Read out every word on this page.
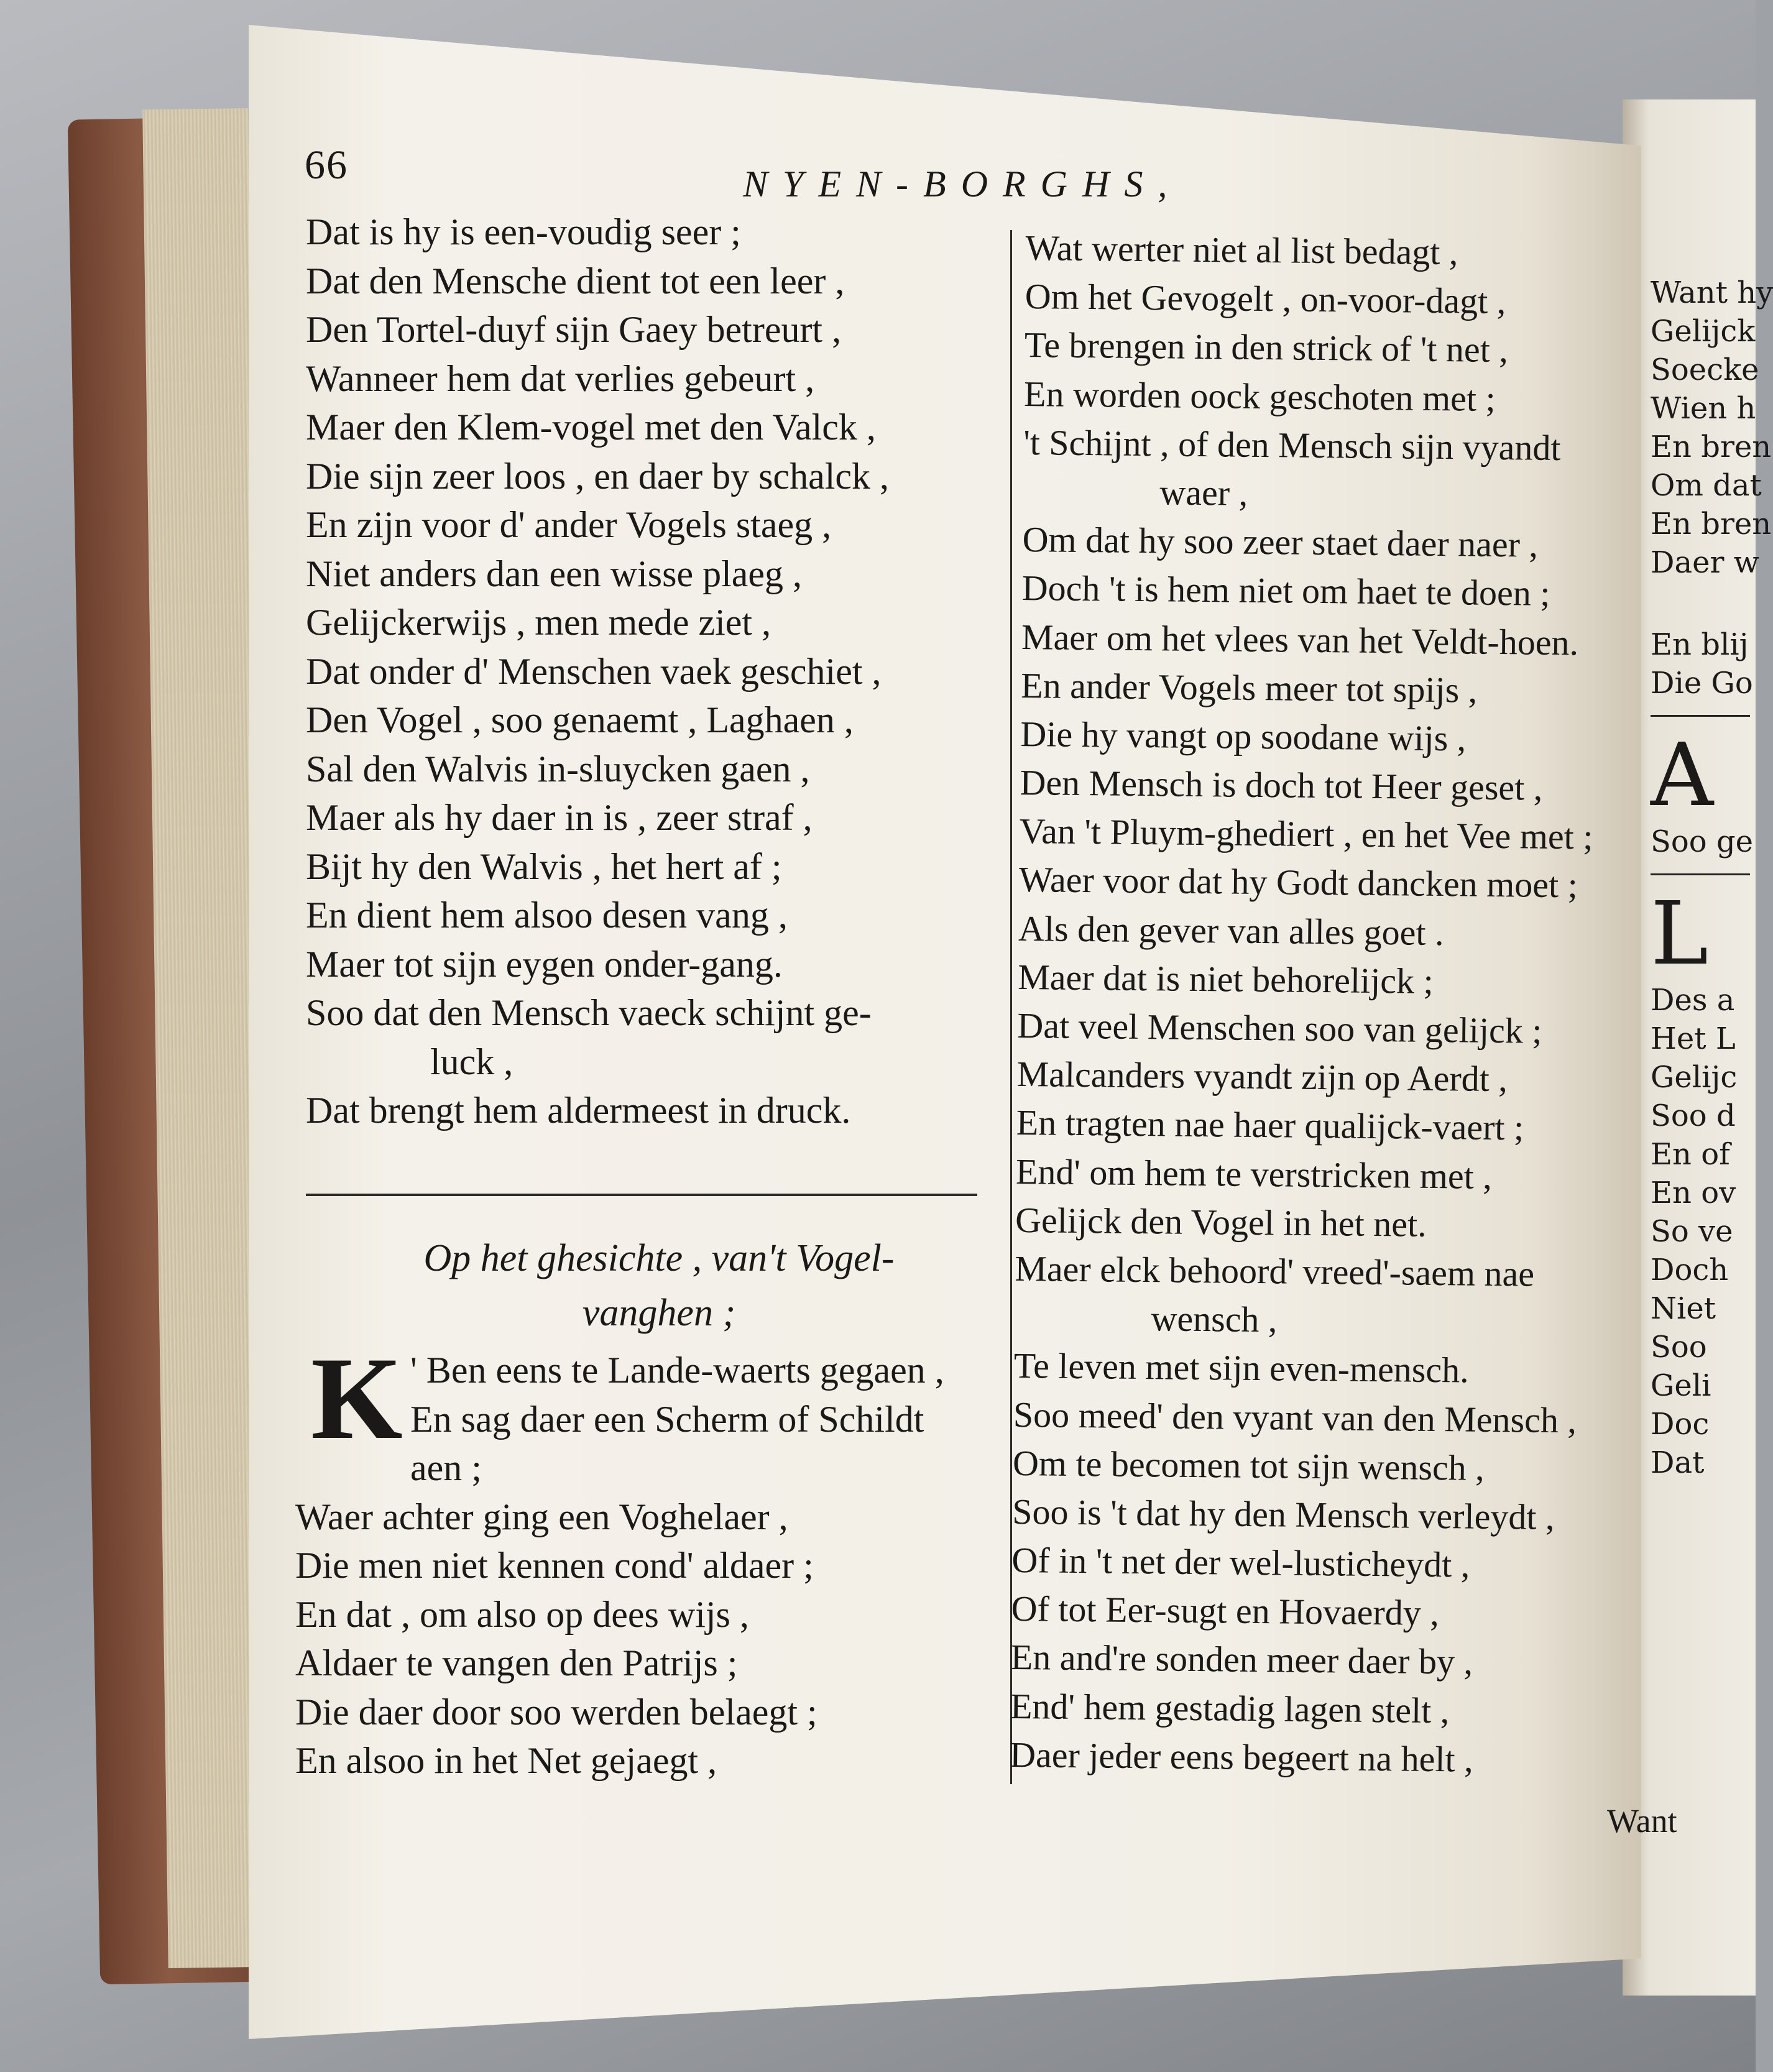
Want hy
Gelijck
Soecke
Wien h
En bren
Om dat
En bren
Daer w
En blij
Die Go
A
Soo ge
L
Des a
Het L
Gelijc
Soo d
En of
En ov
So ve
Doch
Niet
Soo
Geli
Doc
Dat
66	NYEN-BORGHS,
Dat is hy is een-voudig seer ;
Dat den Mensche dient tot een leer ,
Den Tortel-duyf sijn Gaey betreurt ,
Wanneer hem dat verlies gebeurt ,
Maer den Klem-vogel met den Valck ,
Die sijn zeer loos , en daer by schalck ,
En zijn voor d' ander Vogels staeg ,
Niet anders dan een wisse plaeg ,
Gelijckerwijs , men mede ziet ,
Dat onder d' Menschen vaek geschiet ,
Den Vogel , soo genaemt , Laghaen ,
Sal den Walvis in-sluycken gaen ,
Maer als hy daer in is , zeer straf ,
Bijt hy den Walvis , het hert af ;
En dient hem alsoo desen vang ,
Maer tot sijn eygen onder-gang.
Soo dat den Mensch vaeck schijnt ge-
luck ,
Dat brengt hem aldermeest in druck.
Wat werter niet al list bedagt ,
Om het Gevogelt , on-voor-dagt ,
Te brengen in den strick of 't net ,
En worden oock geschoten met ;
't Schijnt , of den Mensch sijn vyandt
waer ,
Om dat hy soo zeer staet daer naer ,
Doch 't is hem niet om haet te doen ;
Maer om het vlees van het Veldt-hoen.
En ander Vogels meer tot spijs ,
Die hy vangt op soodane wijs ,
Den Mensch is doch tot Heer geset ,
Van 't Pluym-ghediert , en het Vee met ;
Waer voor dat hy Godt dancken moet ;
Als den gever van alles goet .
Maer dat is niet behorelijck ;
Dat veel Menschen soo van gelijck ;
Malcanders vyandt zijn op Aerdt ,
En tragten nae haer qualijck-vaert ;
End' om hem te verstricken met ,
Gelijck den Vogel in het net.
Maer elck behoord' vreed'-saem nae
wensch ,
Te leven met sijn even-mensch.
Soo meed' den vyant van den Mensch ,
Om te becomen tot sijn wensch ,
Soo is 't dat hy den Mensch verleydt ,
Of in 't net der wel-lusticheydt ,
Of tot Eer-sugt en Hovaerdy ,
En and're sonden meer daer by ,
End' hem gestadig lagen stelt ,
Daer jeder eens begeert na helt ,
Op het ghesichte , van't Vogel-
vanghen ;
K ' Ben eens te Lande-waerts gegaen ,
En sag daer een Scherm of Schildt
aen ;
Waer achter ging een Voghelaer ,
Die men niet kennen cond' aldaer ;
En dat , om also op dees wijs ,
Aldaer te vangen den Patrijs ;
Die daer door soo werden belaegt ;
En alsoo in het Net gejaegt ,
Want
